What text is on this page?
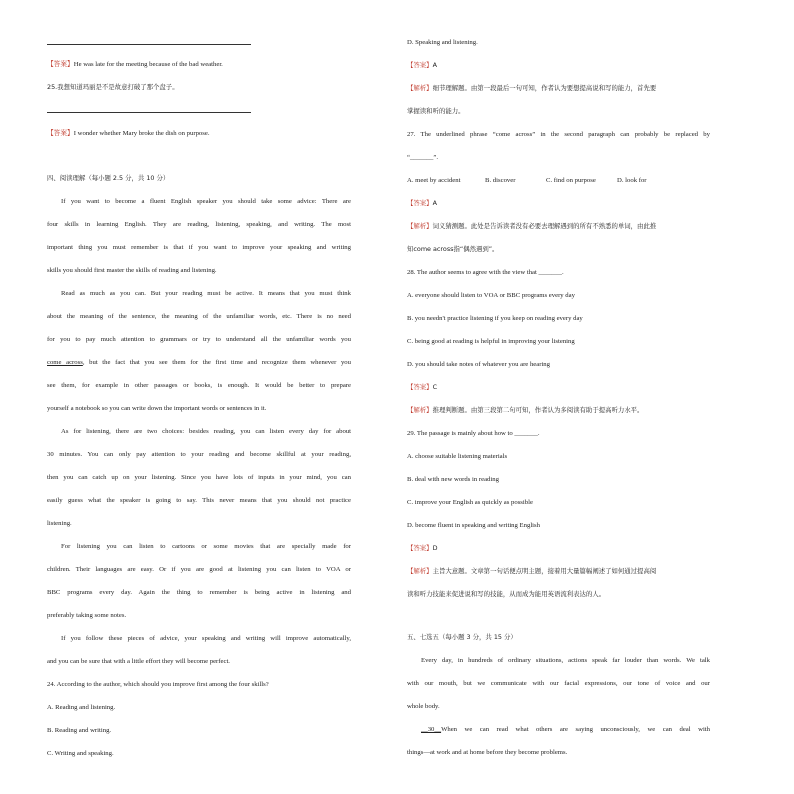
【答案】He was late for the meeting because of the bad weather.
25.我想知道玛丽是不是故意打破了那个盘子。
【答案】I wonder whether Mary broke the dish on purpose.
四、阅读理解（每小题 2.5 分，共 10 分）
If you want to become a fluent English speaker you should take some advice: There are
four skills in learning English. They are reading, listening, speaking, and writing. The most
important thing you must remember is that if you want to improve your speaking and writing
skills you should first master the skills of reading and listening.
Read as much as you can. But your reading must be active. It means that you must think
about the meaning of the sentence, the meaning of the unfamiliar words, etc. There is no need
for you to pay much attention to grammars or try to understand all the unfamiliar words you
come across, but the fact that you see them for the first time and recognize them whenever you
see them, for example in other passages or books, is enough. It would be better to prepare
yourself a notebook so you can write down the important words or sentences in it.
As for listening, there are two choices: besides reading, you can listen every day for about
30 minutes. You can only pay attention to your reading and become skillful at your reading,
then you can catch up on your listening. Since you have lots of inputs in your mind, you can
easily guess what the speaker is going to say. This never means that you should not practice
listening.
For listening you can listen to cartoons or some movies that are specially made for
children. Their languages are easy. Or if you are good at listening you can listen to VOA or
BBC programs every day. Again the thing to remember is being active in listening and
preferably taking some notes.
If you follow these pieces of advice, your speaking and writing will improve automatically,
and you can be sure that with a little effort they will become perfect.
24. According to the author, which should you improve first among the four skills?
A. Reading and listening.
B. Reading and writing.
C. Writing and speaking.
D. Speaking and listening.
【答案】A
【解析】细节理解题。由第一段最后一句可知，作者认为要想提高说和写的能力，首先要
掌握读和听的能力。
27. The underlined phrase “come across” in the second paragraph can probably be replaced by
“_______”.
A. meet by accident	B. discover	C. find on purpose	D. look for
【答案】A
【解析】词义猜测题。此处是告诉读者没有必要去理解遇到的所有不熟悉的单词，由此推
知come across指“偶然遇到”。
28. The author seems to agree with the view that _______.
A. everyone should listen to VOA or BBC programs every day
B. you needn't practice listening if you keep on reading every day
C. being good at reading is helpful in improving your listening
D. you should take notes of whatever you are hearing
【答案】C
【解析】推理判断题。由第三段第二句可知，作者认为多阅读有助于提高听力水平。
29. The passage is mainly about how to _______.
A. choose suitable listening materials
B. deal with new words in reading
C. improve your English as quickly as possible
D. become fluent in speaking and writing English
【答案】D
【解析】主旨大意题。文章第一句话便点明主题，接着用大量篇幅阐述了如何通过提高阅
读和听力技能来促进说和写的技能，从而成为能用英语流利表达的人。
五、七选五（每小题 3 分，共 15 分）
Every day, in hundreds of ordinary situations, actions speak far louder than words. We talk
with our mouth, but we communicate with our facial expressions, our tone of voice and our
whole body.
__30__When we can read what others are saying unconsciously, we can deal with
things—at work and at home before they become problems.
